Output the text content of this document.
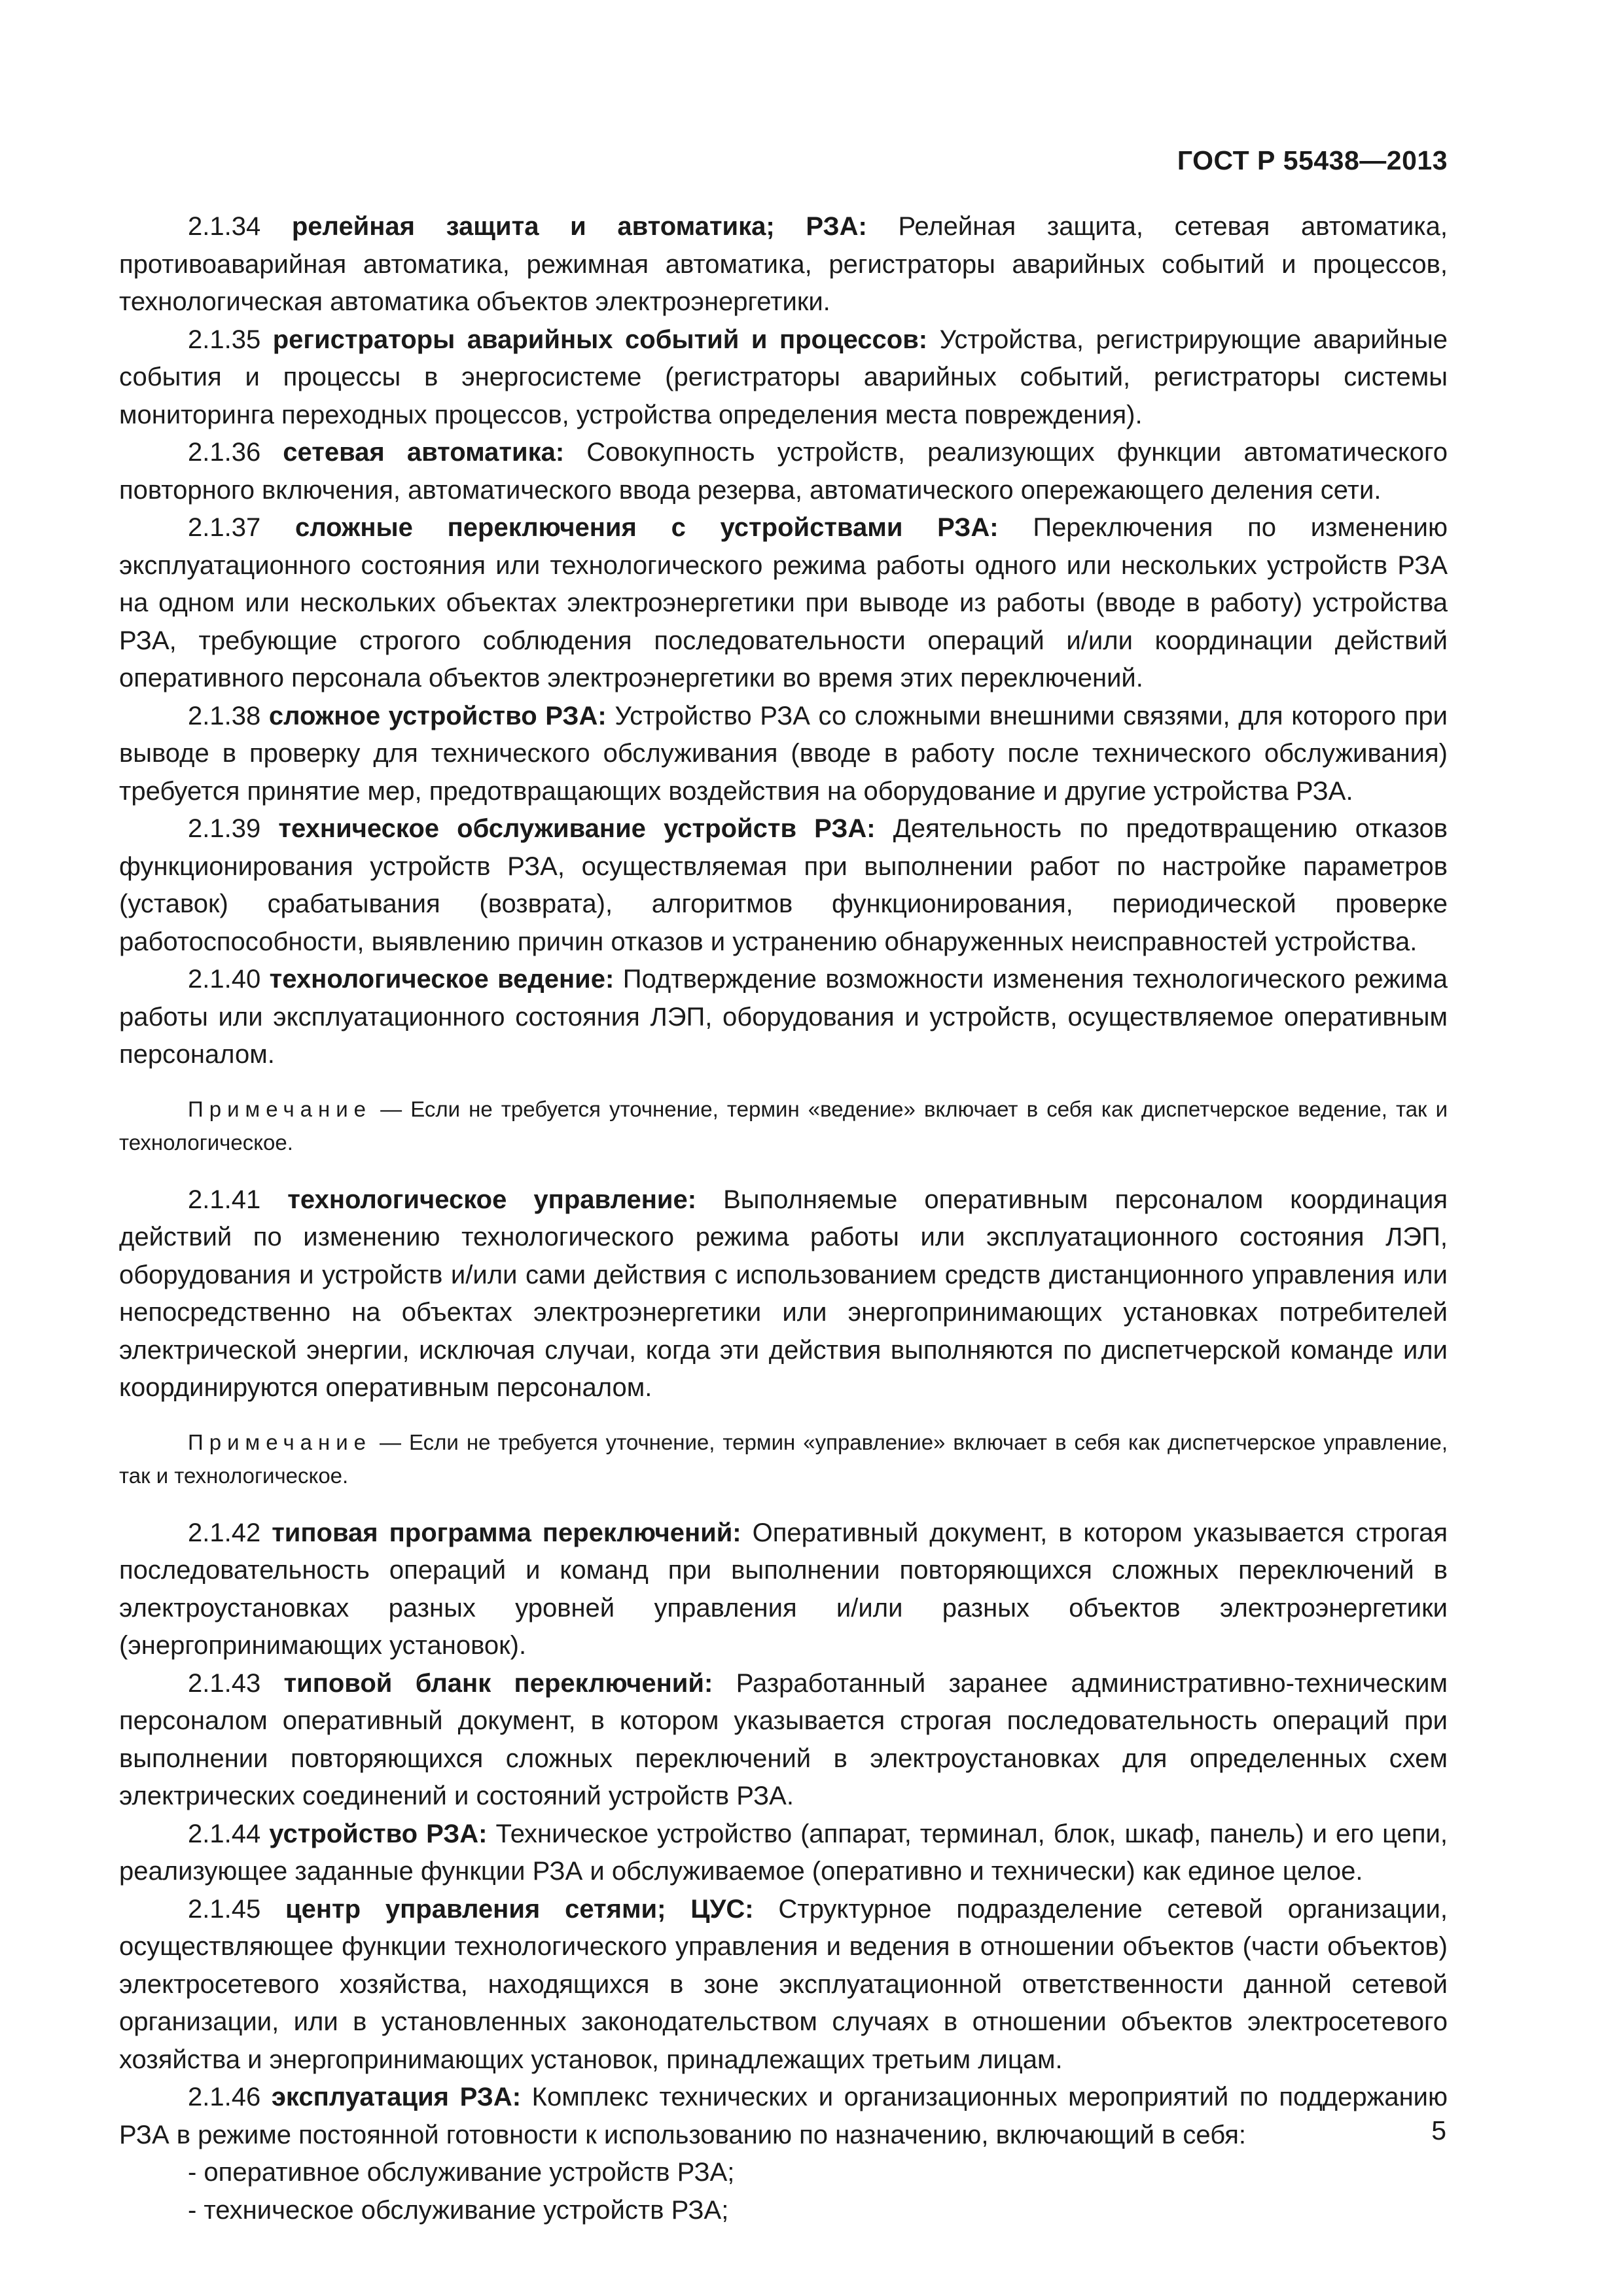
ГОСТ Р 55438—2013

2.1.34 релейная защита и автоматика; РЗА: Релейная защита, сетевая автоматика, противоаварийная автоматика, режимная автоматика, регистраторы аварийных событий и процессов, технологическая автоматика объектов электроэнергетики.

2.1.35 регистраторы аварийных событий и процессов: Устройства, регистрирующие аварийные события и процессы в энергосистеме (регистраторы аварийных событий, регистраторы системы мониторинга переходных процессов, устройства определения места повреждения).

2.1.36 сетевая автоматика: Совокупность устройств, реализующих функции автоматического повторного включения, автоматического ввода резерва, автоматического опережающего деления сети.

2.1.37 сложные переключения с устройствами РЗА: Переключения по изменению эксплуатационного состояния или технологического режима работы одного или нескольких устройств РЗА на одном или нескольких объектах электроэнергетики при выводе из работы (вводе в работу) устройства РЗА, требующие строгого соблюдения последовательности операций и/или координации действий оперативного персонала объектов электроэнергетики во время этих переключений.

2.1.38 сложное устройство РЗА: Устройство РЗА со сложными внешними связями, для которого при выводе в проверку для технического обслуживания (вводе в работу после технического обслуживания) требуется принятие мер, предотвращающих воздействия на оборудование и другие устройства РЗА.

2.1.39 техническое обслуживание устройств РЗА: Деятельность по предотвращению отказов функционирования устройств РЗА, осуществляемая при выполнении работ по настройке параметров (уставок) срабатывания (возврата), алгоритмов функционирования, периодической проверке работоспособности, выявлению причин отказов и устранению обнаруженных неисправностей устройства.

2.1.40 технологическое ведение: Подтверждение возможности изменения технологического режима работы или эксплуатационного состояния ЛЭП, оборудования и устройств, осуществляемое оперативным персоналом.

Примечание — Если не требуется уточнение, термин «ведение» включает в себя как диспетчерское ведение, так и технологическое.

2.1.41 технологическое управление: Выполняемые оперативным персоналом координация действий по изменению технологического режима работы или эксплуатационного состояния ЛЭП, оборудования и устройств и/или сами действия с использованием средств дистанционного управления или непосредственно на объектах электроэнергетики или энергопринимающих установках потребителей электрической энергии, исключая случаи, когда эти действия выполняются по диспетчерской команде или координируются оперативным персоналом.

Примечание — Если не требуется уточнение, термин «управление» включает в себя как диспетчерское управление, так и технологическое.

2.1.42 типовая программа переключений: Оперативный документ, в котором указывается строгая последовательность операций и команд при выполнении повторяющихся сложных переключений в электроустановках разных уровней управления и/или разных объектов электроэнергетики (энергопринимающих установок).

2.1.43 типовой бланк переключений: Разработанный заранее административно-техническим персоналом оперативный документ, в котором указывается строгая последовательность операций при выполнении повторяющихся сложных переключений в электроустановках для определенных схем электрических соединений и состояний устройств РЗА.

2.1.44 устройство РЗА: Техническое устройство (аппарат, терминал, блок, шкаф, панель) и его цепи, реализующее заданные функции РЗА и обслуживаемое (оперативно и технически) как единое целое.

2.1.45 центр управления сетями; ЦУС: Структурное подразделение сетевой организации, осуществляющее функции технологического управления и ведения в отношении объектов (части объектов) электросетевого хозяйства, находящихся в зоне эксплуатационной ответственности данной сетевой организации, или в установленных законодательством случаях в отношении объектов электросетевого хозяйства и энергопринимающих установок, принадлежащих третьим лицам.

2.1.46 эксплуатация РЗА: Комплекс технических и организационных мероприятий по поддержанию РЗА в режиме постоянной готовности к использованию по назначению, включающий в себя:

- оперативное обслуживание устройств РЗА;

- техническое обслуживание устройств РЗА;

5
